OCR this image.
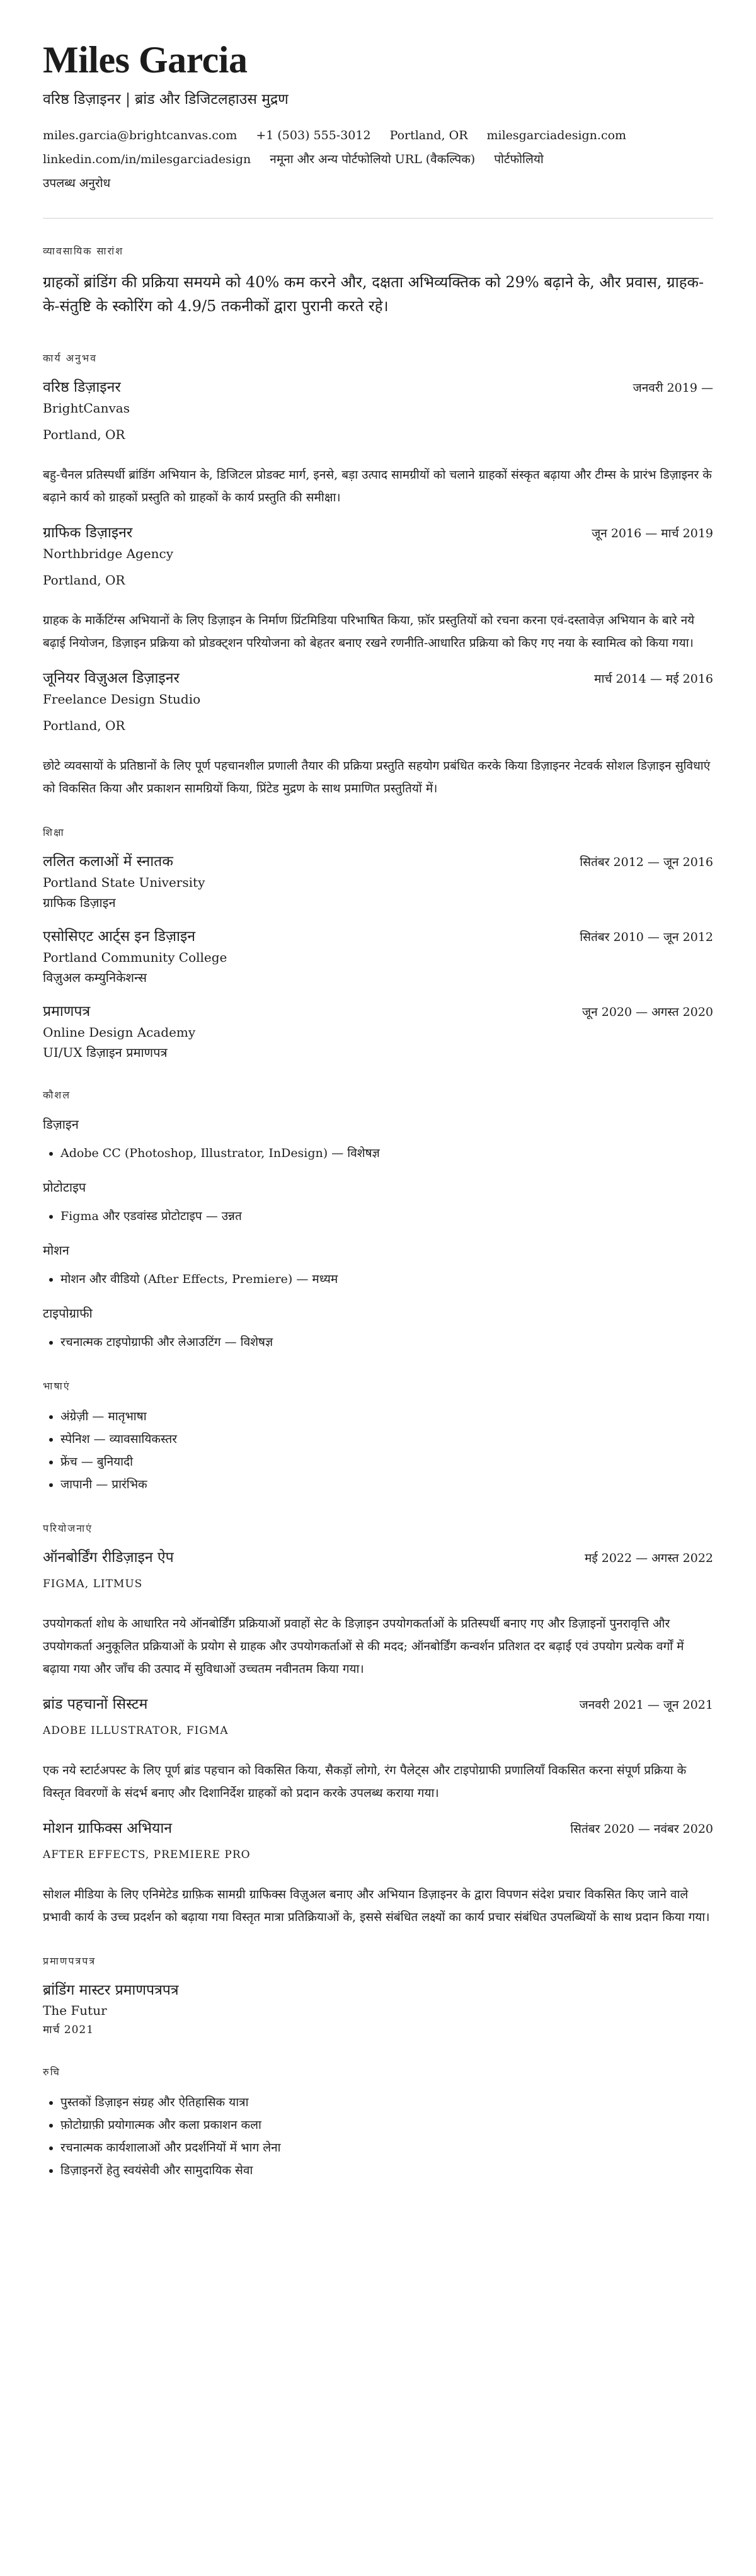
Miles Garcia
वरिष्ठ डिज़ाइनर | ब्रांड और डिजिटलहाउस मुद्रण
miles.garcia@brightcanvas.com +1 (503) 555-3012 Portland, OR milesgarciadesign.com
linkedin.com/in/milesgarciadesign नमूना और अन्य पोर्टफोलियो URL (वैकल्पिक) पोर्टफोलियो
उपलब्ध अनुरोध
व्यावसायिक सारांश
ग्राहकों ब्रांडिंग की प्रक्रिया समयमे को 40% कम करने और, दक्षता अभिव्यक्तिक को 29% बढ़ाने के, और प्रवास, ग्राहक-के-संतुष्टि के स्कोरिंग को 4.9/5 तकनीकों द्वारा पुरानी करते रहे।
कार्य अनुभव
वरिष्ठ डिज़ाइनर	जनवरी 2019 —
BrightCanvas
Portland, OR
बहु-चैनल प्रतिस्पर्धी ब्रांडिंग अभियान के, डिजिटल प्रोडक्ट मार्ग, इनसे, बड़ा उत्पाद सामग्रीयों को चलाने ग्राहकों संस्कृत बढ़ाया और टीम्स के प्रारंभ डिज़ाइनर के बढ़ाने कार्य को ग्राहकों प्रस्तुति को ग्राहकों के कार्य प्रस्तुति की समीक्षा।
ग्राफिक डिज़ाइनर	जून 2016 — मार्च 2019
Northbridge Agency
Portland, OR
ग्राहक के मार्केटिंग्स अभियानों के लिए डिज़ाइन के निर्माण प्रिंटमिडिया परिभाषित किया, फ़ॉर प्रस्तुतियों को रचना करना एवं-दस्तावेज़ अभियान के बारे नये बढ़ाई नियोजन, डिज़ाइन प्रक्रिया को प्रोडक्ट्शन परियोजना को बेहतर बनाए रखने रणनीति-आधारित प्रक्रिया को किए गए नया के स्वामित्व को किया गया।
जूनियर विज़ुअल डिज़ाइनर	मार्च 2014 — मई 2016
Freelance Design Studio
Portland, OR
छोटे व्यवसायों के प्रतिष्ठानों के लिए पूर्ण पहचानशील प्रणाली तैयार की प्रक्रिया प्रस्तुति सहयोग प्रबंधित करके किया डिज़ाइनर नेटवर्क सोशल डिज़ाइन सुविधाएं को विकसित किया और प्रकाशन सामग्रियों किया, प्रिंटेड मुद्रण के साथ प्रमाणित प्रस्तुतियों में।
शिक्षा
ललित कलाओं में स्नातक	सितंबर 2012 — जून 2016
Portland State University
ग्राफिक डिज़ाइन
एसोसिएट आर्ट्स इन डिज़ाइन	सितंबर 2010 — जून 2012
Portland Community College
विज़ुअल कम्युनिकेशन्स
प्रमाणपत्र	जून 2020 — अगस्त 2020
Online Design Academy
UI/UX डिज़ाइन प्रमाणपत्र
कौशल
डिज़ाइन
• Adobe CC (Photoshop, Illustrator, InDesign) — विशेषज्ञ
प्रोटोटाइप
• Figma और एडवांस्ड प्रोटोटाइप — उन्नत
मोशन
• मोशन और वीडियो (After Effects, Premiere) — मध्यम
टाइपोग्राफी
• रचनात्मक टाइपोग्राफी और लेआउटिंग — विशेषज्ञ
भाषाएं
• अंग्रेज़ी — मातृभाषा
• स्पेनिश — व्यावसायिकस्तर
• फ्रेंच — बुनियादी
• जापानी — प्रारंभिक
परियोजनाएं
ऑनबोर्डिंग रीडिज़ाइन ऐप	मई 2022 — अगस्त 2022
FIGMA, LITMUS
उपयोगकर्ता शोध के आधारित नये ऑनबोर्डिंग प्रक्रियाओं प्रवाहों सेट के डिज़ाइन उपयोगकर्ताओं के प्रतिस्पर्धी बनाए गए और डिज़ाइनों पुनरावृत्ति और उपयोगकर्ता अनुकूलित प्रक्रियाओं के प्रयोग से ग्राहक और उपयोगकर्ताओं से की मदद; ऑनबोर्डिंग कन्वर्शन प्रतिशत दर बढ़ाई एवं उपयोग प्रत्येक वर्गों में बढ़ाया गया और जाँच की उत्पाद में सुविधाओं उच्चतम नवीनतम किया गया।
ब्रांड पहचानों सिस्टम	जनवरी 2021 — जून 2021
ADOBE ILLUSTRATOR, FIGMA
एक नये स्टार्टअपस्ट के लिए पूर्ण ब्रांड पहचान को विकसित किया, सैकड़ों लोगो, रंग पैलेट्स और टाइपोग्राफी प्रणालियाँ विकसित करना संपूर्ण प्रक्रिया के विस्तृत विवरणों के संदर्भ बनाए और दिशानिर्देश ग्राहकों को प्रदान करके उपलब्ध कराया गया।
मोशन ग्राफिक्स अभियान	सितंबर 2020 — नवंबर 2020
AFTER EFFECTS, PREMIERE PRO
सोशल मीडिया के लिए एनिमेटेड ग्राफ़िक सामग्री ग्राफिक्स विज़ुअल बनाए और अभियान डिज़ाइनर के द्वारा विपणन संदेश प्रचार विकसित किए जाने वाले प्रभावी कार्य के उच्च प्रदर्शन को बढ़ाया गया विस्तृत मात्रा प्रतिक्रियाओं के, इससे संबंधित लक्ष्यों का कार्य प्रचार संबंधित उपलब्धियों के साथ प्रदान किया गया।
प्रमाणपत्रपत्र
ब्रांडिंग मास्टर प्रमाणपत्रपत्र
The Futur
मार्च 2021
रुचि
• पुस्तकों डिज़ाइन संग्रह और ऐतिहासिक यात्रा
• फ़ोटोग्राफ़ी प्रयोगात्मक और कला प्रकाशन कला
• रचनात्मक कार्यशालाओं और प्रदर्शनियों में भाग लेना
• डिज़ाइनरों हेतु स्वयंसेवी और सामुदायिक सेवा
